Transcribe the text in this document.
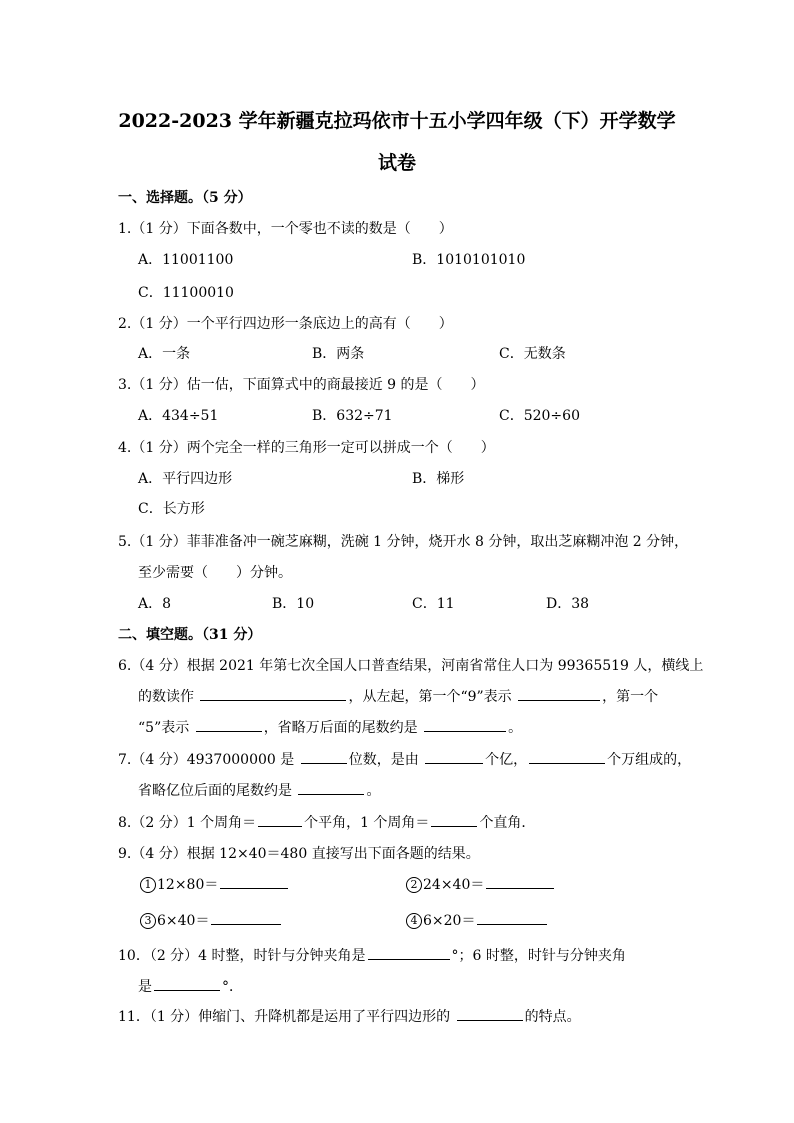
2022-2023 学年新疆克拉玛依市十五小学四年级（下）开学数学
试卷
一、选择题。（5 分）
1.（1 分）下面各数中，一个零也不读的数是（　　）
A．11001100	B．1010101010
C．11100010
2.（1 分）一个平行四边形一条底边上的高有（　　）
A．一条	B．两条	C．无数条
3.（1 分）估一估，下面算式中的商最接近 9 的是（　　）
A．434÷51	B．632÷71	C．520÷60
4.（1 分）两个完全一样的三角形一定可以拼成一个（　　）
A．平行四边形	B．梯形
C．长方形
5.（1 分）菲菲准备冲一碗芝麻糊，洗碗 1 分钟，烧开水 8 分钟，取出芝麻糊冲泡 2 分钟，
至少需要（　　）分钟。
A．8	B．10	C．11	D．38
二、填空题。（31 分）
6.（4 分）根据 2021 年第七次全国人口普查结果，河南省常住人口为 99365519 人，横线上
的数读作	，从左起，第一个“9”表示	，第一个
“5”表示	，省略万后面的尾数约是	。
7.（4 分）4937000000 是	位数，是由	个亿，	个万组成的，
省略亿位后面的尾数约是	。
8.（2 分）1 个周角＝	个平角，1 个周角＝	个直角．
9.（4 分）根据 12×40＝480 直接写出下面各题的结果。
1 12×80＝	2 24×40＝
3 6×40＝	4 6×20＝
10．（2 分）4 时整，时针与分钟夹角是	°；6 时整，时针与分钟夹角
是	°．
11．（1 分）伸缩门、升降机都是运用了平行四边形的	的特点。
